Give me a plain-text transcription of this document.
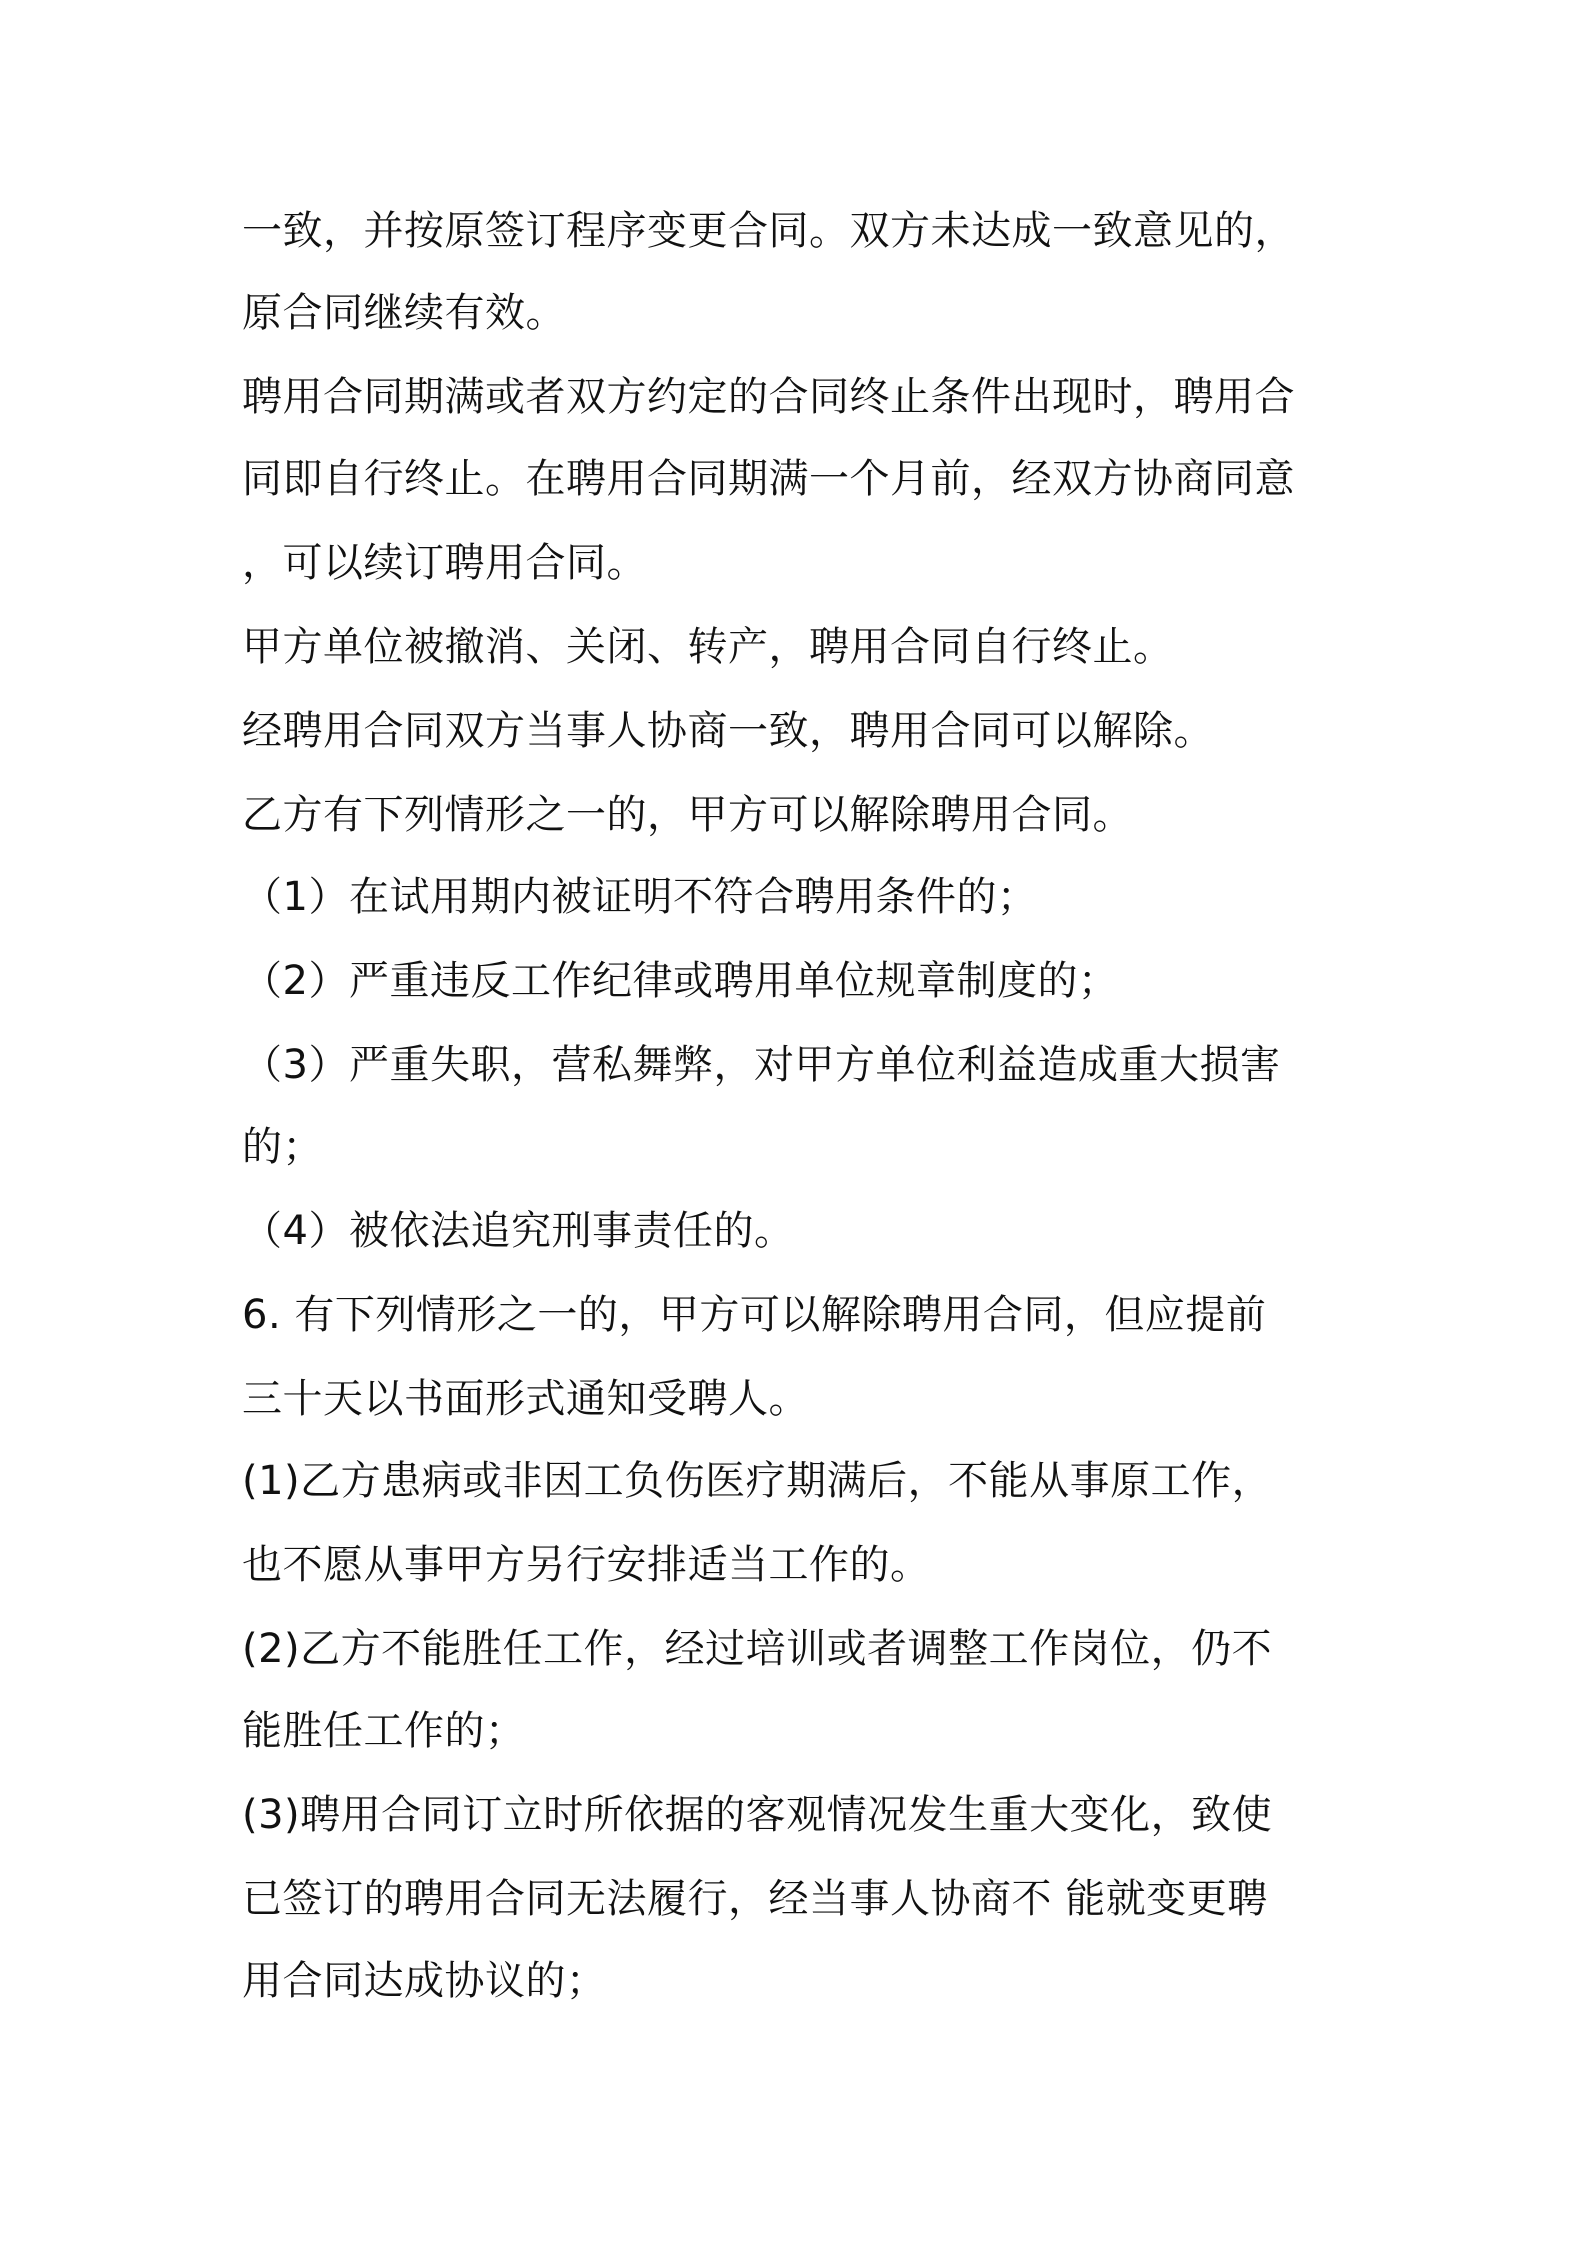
一致，并按原签订程序变更合同。双方未达成一致意见的，
原合同继续有效。
聘用合同期满或者双方约定的合同终止条件出现时，聘用合
同即自行终止。在聘用合同期满一个月前，经双方协商同意
，可以续订聘用合同。
甲方单位被撤消、关闭、转产，聘用合同自行终止。
经聘用合同双方当事人协商一致，聘用合同可以解除。
乙方有下列情形之一的，甲方可以解除聘用合同。
（1）在试用期内被证明不符合聘用条件的；
（2）严重违反工作纪律或聘用单位规章制度的；
（3）严重失职，营私舞弊，对甲方单位利益造成重大损害
的；
（4）被依法追究刑事责任的。
6. 有下列情形之一的，甲方可以解除聘用合同，但应提前
三十天以书面形式通知受聘人。
(1)乙方患病或非因工负伤医疗期满后，不能从事原工作，
也不愿从事甲方另行安排适当工作的。
(2)乙方不能胜任工作，经过培训或者调整工作岗位，仍不
能胜任工作的；
(3)聘用合同订立时所依据的客观情况发生重大变化，致使
已签订的聘用合同无法履行，经当事人协商不 能就变更聘
用合同达成协议的；
